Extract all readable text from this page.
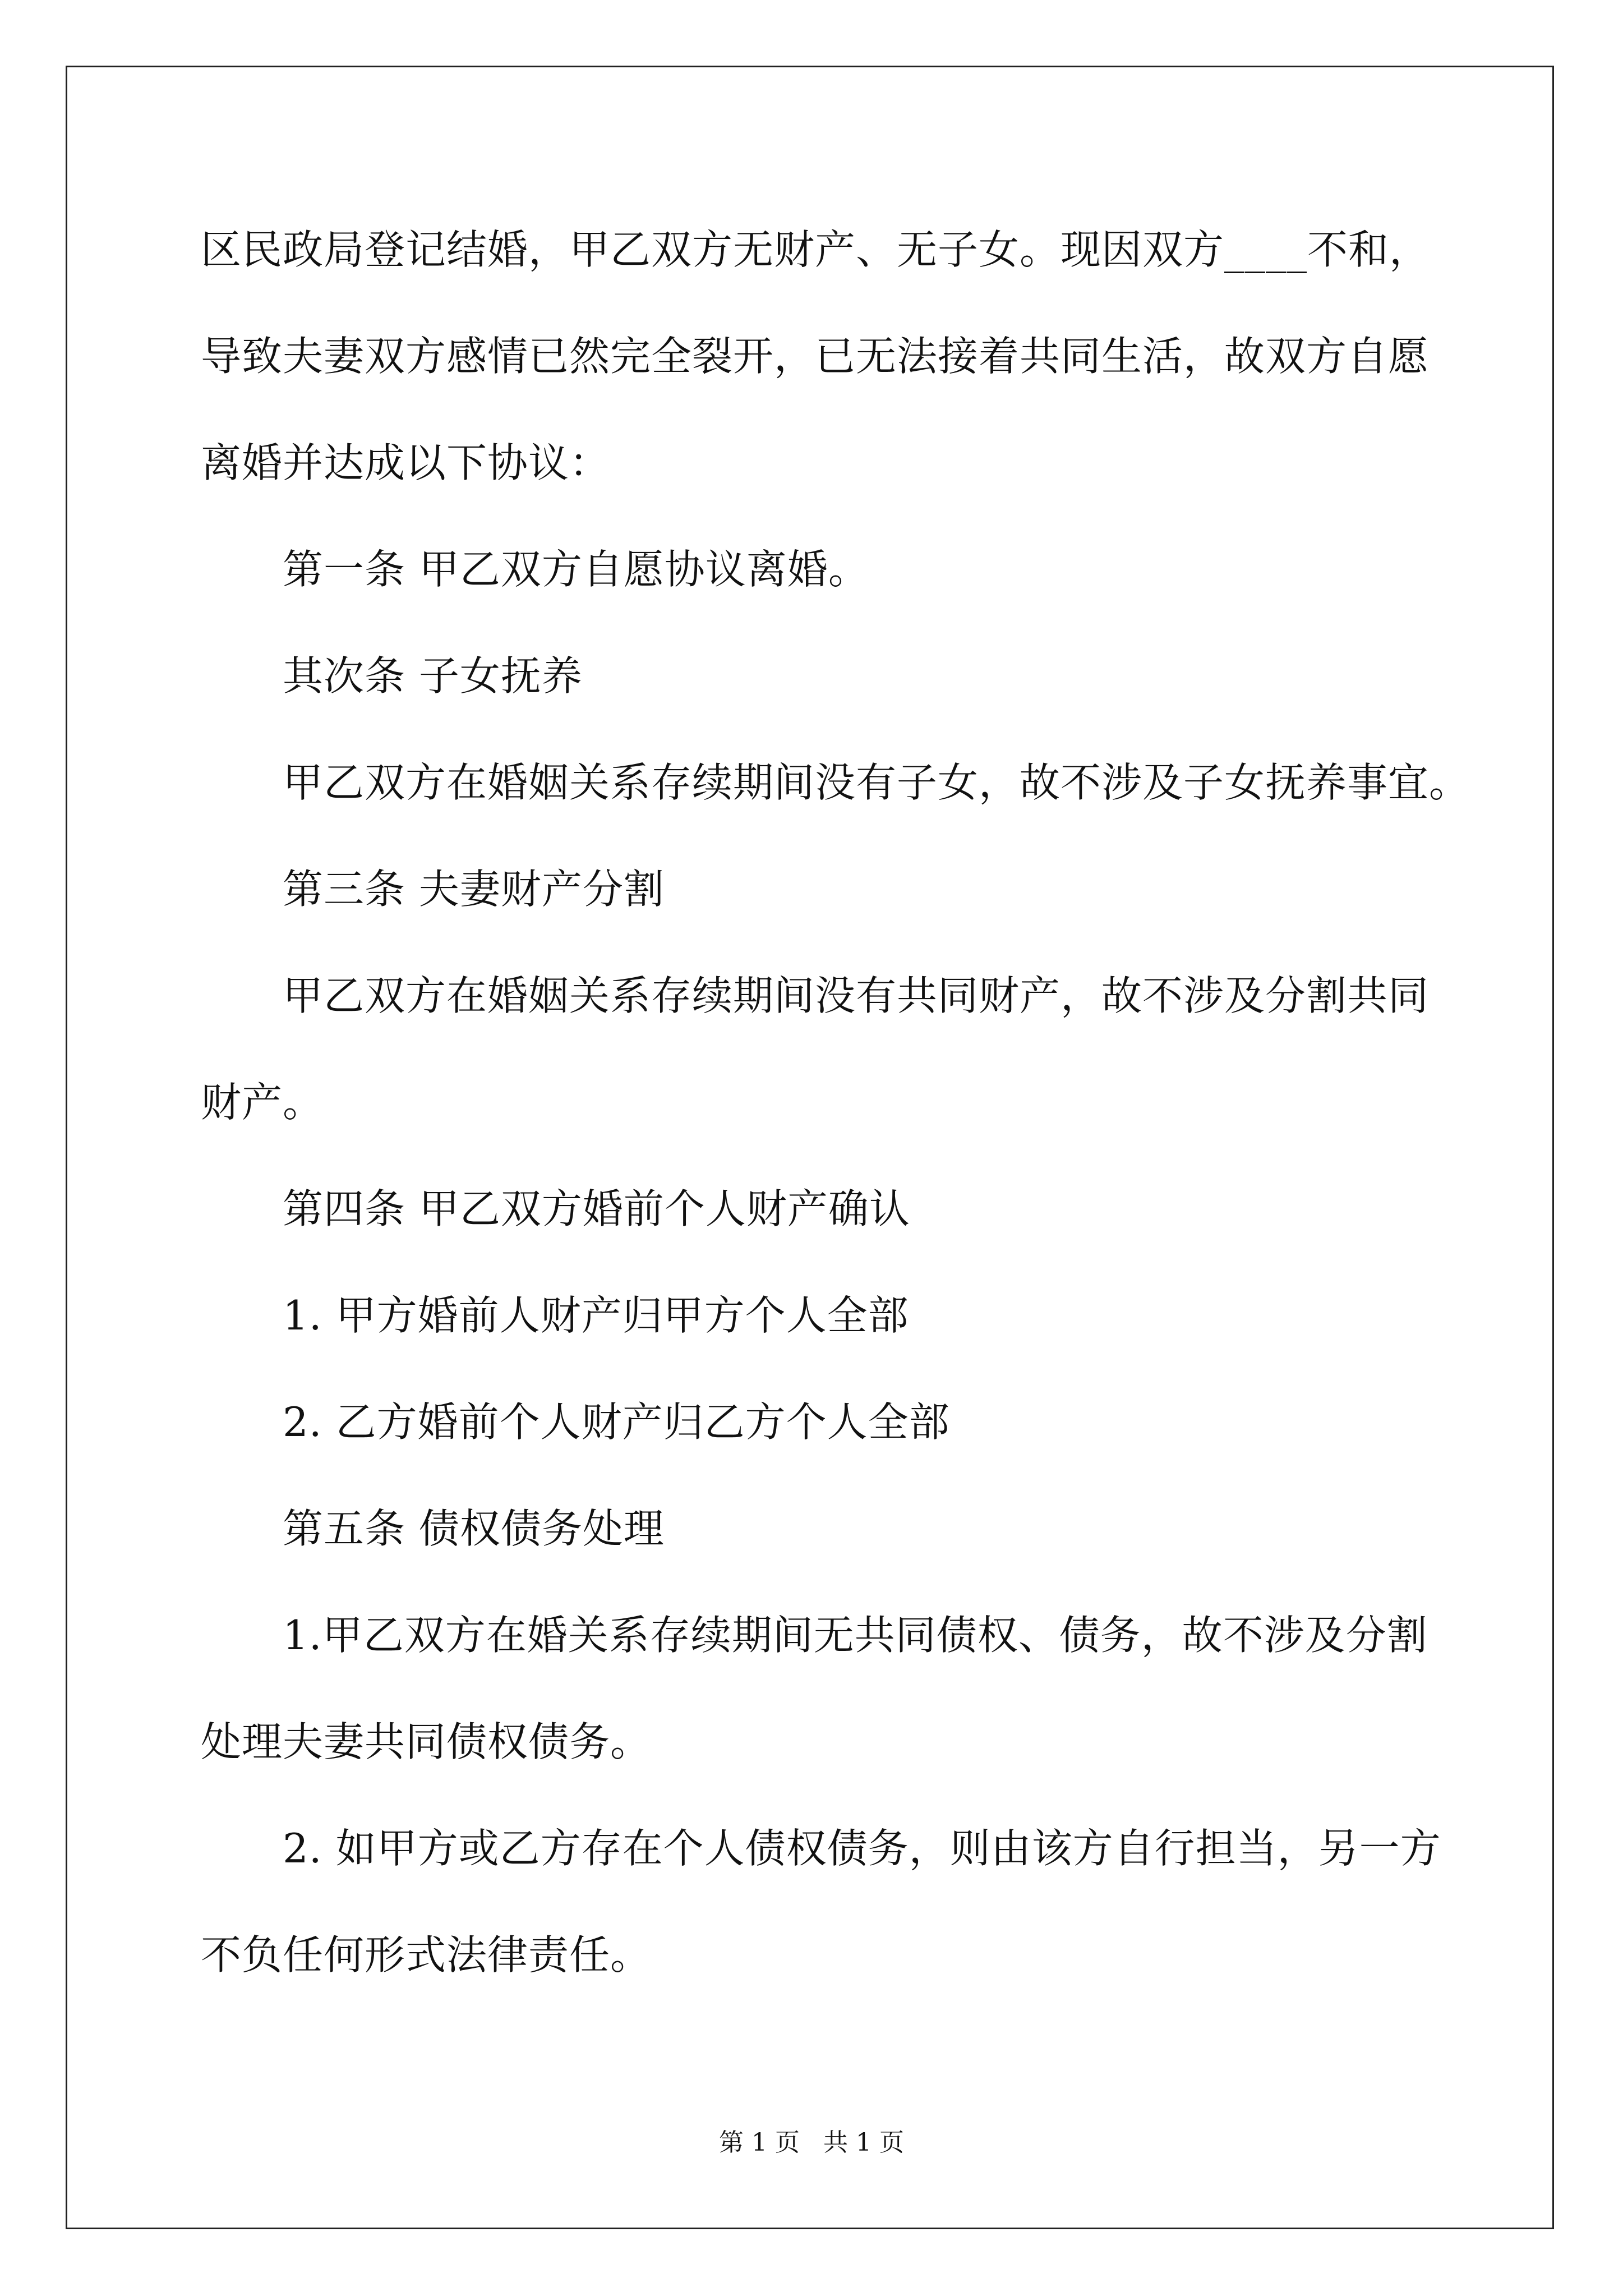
区民政局登记结婚，甲乙双方无财产、无子女。现因双方____不和，
导致夫妻双方感情已然完全裂开，已无法接着共同生活，故双方自愿
离婚并达成以下协议：
第一条 甲乙双方自愿协议离婚。
其次条 子女抚养
甲乙双方在婚姻关系存续期间没有子女，故不涉及子女抚养事宜。
第三条 夫妻财产分割
甲乙双方在婚姻关系存续期间没有共同财产，故不涉及分割共同
财产。
第四条 甲乙双方婚前个人财产确认
1. 甲方婚前人财产归甲方个人全部
2. 乙方婚前个人财产归乙方个人全部
第五条 债权债务处理
1.甲乙双方在婚关系存续期间无共同债权、债务，故不涉及分割
处理夫妻共同债权债务。
2. 如甲方或乙方存在个人债权债务，则由该方自行担当，另一方
不负任何形式法律责任。
第 1 页   共 1 页
